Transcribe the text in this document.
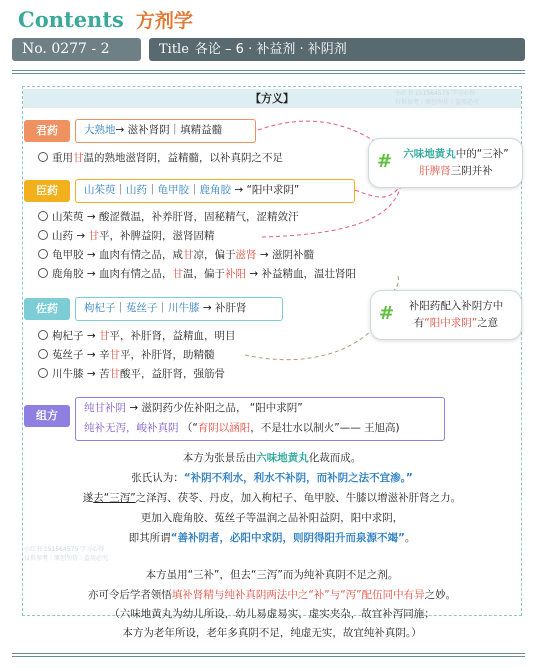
Contents 方剂学
No. 0277 - 2	Title 各论 – 6 · 补益剂 · 补阴剂
【方义】	小红书 151564575 学习心得
仅供参考｜原创勿仿｜盗用必究
君药	大熟地→ 滋补肾阴｜填精益髓
重用甘温的熟地滋肾阴，益精髓，以补真阴之不足
臣药	山茱萸｜山药｜龟甲胶｜鹿角胶 → “阳中求阴”
山茱萸 → 酸涩微温，补养肝肾，固秘精气，涩精敛汗
山药 → 甘平，补脾益阴，滋肾固精
龟甲胶 → 血肉有情之品，咸甘凉，偏于滋肾 → 滋阴补髓
鹿角胶 → 血肉有情之品，甘温，偏于补阳 → 补益精血，温壮肾阳
佐药	枸杞子｜菟丝子｜川牛膝 → 补肝肾
枸杞子 → 甘平，补肝肾，益精血，明目
菟丝子 → 辛甘平，补肝肾，助精髓
川牛膝 → 苦甘酸平，益肝肾，强筋骨
组方
纯甘补阴 → 滋阴药少佐补阳之品， “阳中求阴”
纯补无泻，峻补真阴 （“育阴以涵阳，不是壮水以制火”—— 王旭高)
#	六味地黄丸中的“三补”
肝脾肾三阴并补
#	补阳药配入补阴方中
有“阳中求阴”之意
本方为张景岳由六味地黄丸化裁而成。
张氏认为：“补阴不利水，利水不补阴，而补阴之法不宜渗。”
遂去“三泻”之泽泻、茯苓、丹皮，加入枸杞子、龟甲胶、牛膝以增滋补肝肾之力。
更加入鹿角胶、菟丝子等温润之品补阳益阴，阳中求阴，
即其所谓“善补阴者，必阳中求阴，则阴得阳升而泉源不竭”。
小红书 151564575 学习心得
仅供参考｜原创勿仿｜盗用必究
本方虽用“三补”，但去“三泻”而为纯补真阴不足之剂。
亦可令后学者领悟填补肾精与纯补真阴两法中之“补”与“泻”配伍同中有异之妙。
（六味地黄丸为幼儿所设，幼儿易虚易实，虚实夹杂，故宜补泻同施；
本方为老年所设，老年多真阴不足，纯虚无实，故宜纯补真阴。）
